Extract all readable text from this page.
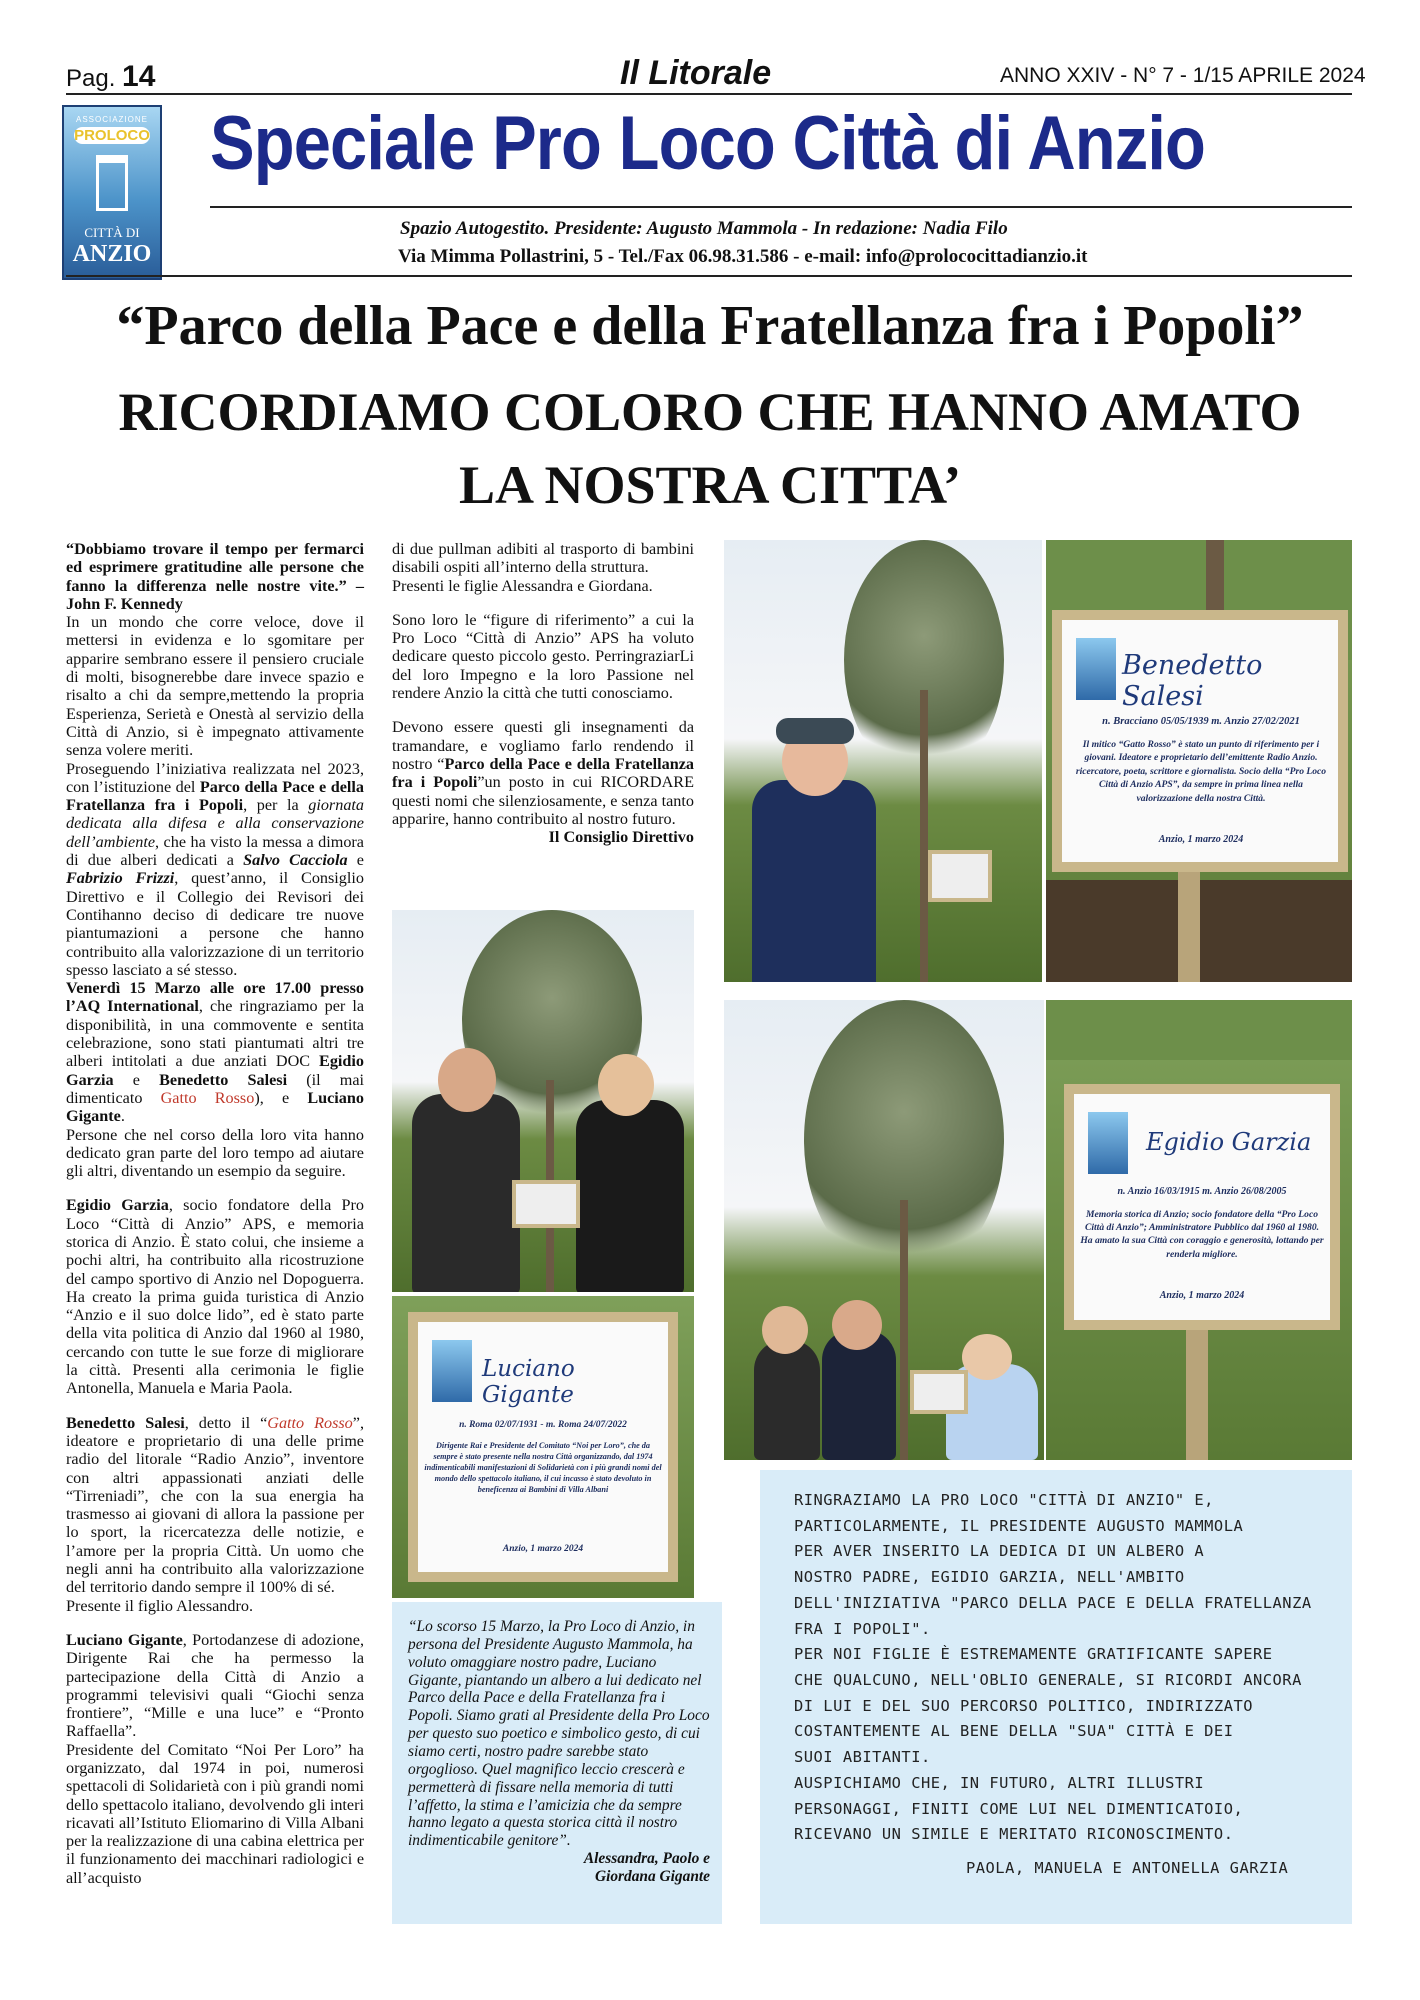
Pag. 14	Il Litorale	ANNO XXIV - N° 7 - 1/15 APRILE 2024
ASSOCIAZIONE
PROLOCO
CITTÀ DI
ANZIO
Speciale Pro Loco Città di Anzio
Spazio Autogestito. Presidente: Augusto Mammola - In redazione: Nadia Filo
Via Mimma Pollastrini, 5 - Tel./Fax 06.98.31.586 - e-mail: info@prolococittadianzio.it
“Parco della Pace e della Fratellanza fra i Popoli”
RICORDIAMO COLORO CHE HANNO AMATO
LA NOSTRA CITTA’
“Dobbiamo trovare il tempo per fermarci ed esprimere gratitudine alle persone che fanno la differenza nelle nostre vite.” – John F. Kennedy
In un mondo che corre veloce, dove il mettersi in evidenza e lo sgomitare per apparire sembrano essere il pensiero cruciale di molti, bisognerebbe dare invece spazio e risalto a chi da sempre,mettendo la propria Esperienza, Serietà e Onestà al servizio della Città di Anzio, si è impegnato attivamente senza volere meriti.

Proseguendo l’iniziativa realizzata nel 2023, con l’istituzione del Parco della Pace e della Fratellanza fra i Popoli, per la giornata dedicata alla difesa e alla conservazione dell’ambiente, che ha visto la messa a dimora di due alberi dedicati a Salvo Cacciola e Fabrizio Frizzi, quest’anno, il Consiglio Direttivo e il Collegio dei Revisori dei Contihanno deciso di dedicare tre nuove piantumazioni a persone che hanno contribuito alla valorizzazione di un territorio spesso lasciato a sé stesso.

Venerdì 15 Marzo alle ore 17.00 presso l’AQ International, che ringraziamo per la disponibilità, in una commovente e sentita celebrazione, sono stati piantumati altri tre alberi intitolati a due anziati DOC Egidio Garzia e Benedetto Salesi (il mai dimenticato Gatto Rosso), e Luciano Gigante.

Persone che nel corso della loro vita hanno dedicato gran parte del loro tempo ad aiutare gli altri, diventando un esempio da seguire.

Egidio Garzia, socio fondatore della Pro Loco “Città di Anzio” APS, e memoria storica di Anzio. È stato colui, che insieme a pochi altri, ha contribuito alla ricostruzione del campo sportivo di Anzio nel Dopoguerra. Ha creato la prima guida turistica di Anzio “Anzio e il suo dolce lido”, ed è stato parte della vita politica di Anzio dal 1960 al 1980, cercando con tutte le sue forze di migliorare la città. Presenti alla cerimonia le figlie Antonella, Manuela e Maria Paola.

Benedetto Salesi, detto il “Gatto Rosso”, ideatore e proprietario di una delle prime radio del litorale “Radio Anzio”, inventore con altri appassionati anziati delle “Tirreniadi”, che con la sua energia ha trasmesso ai giovani di allora la passione per lo sport, la ricercatezza delle notizie, e l’amore per la propria Città. Un uomo che negli anni ha contribuito alla valorizzazione del territorio dando sempre il 100% di sé.
Presente il figlio Alessandro.

Luciano Gigante, Portodanzese di adozione, Dirigente Rai che ha permesso la partecipazione della Città di Anzio a programmi televisivi quali “Giochi senza frontiere”, “Mille e una luce” e “Pronto Raffaella”.
Presidente del Comitato “Noi Per Loro” ha organizzato, dal 1974 in poi, numerosi spettacoli di Solidarietà con i più grandi nomi dello spettacolo italiano, devolvendo gli interi ricavati all’Istituto Eliomarino di Villa Albani per la realizzazione di una cabina elettrica per il funzionamento dei macchinari radiologici e all’acquisto

di due pullman adibiti al trasporto di bambini disabili ospiti all’interno della struttura.
Presenti le figlie Alessandra e Giordana.

Sono loro le “figure di riferimento” a cui la Pro Loco “Città di Anzio” APS ha voluto dedicare questo piccolo gesto. PerringraziarLi del loro Impegno e la loro Passione nel rendere Anzio la città che tutti conosciamo.

Devono essere questi gli insegnamenti da tramandare, e vogliamo farlo rendendo il nostro “Parco della Pace e della Fratellanza fra i Popoli”un posto in cui RICORDARE questi nomi che silenziosamente, e senza tanto apparire, hanno contribuito al nostro futuro.
Il Consiglio Direttivo
Benedetto Salesi
n. Bracciano 05/05/1939 m. Anzio 27/02/2021
Il mitico “Gatto Rosso” è stato un punto di riferimento per i giovani. Ideatore e proprietario dell’emittente Radio Anzio. ricercatore, poeta, scrittore e giornalista. Socio della “Pro Loco Città di Anzio APS”, da sempre in prima linea nella valorizzazione della nostra Città.
Anzio, 1 marzo 2024
Luciano Gigante
n. Roma 02/07/1931 - m. Roma 24/07/2022
Dirigente Rai e Presidente del Comitato “Noi per Loro”, che da sempre è stato presente nella nostra Città organizzando, dal 1974 indimenticabili manifestazioni di Solidarietà con i più grandi nomi del mondo dello spettacolo italiano, il cui incasso è stato devoluto in beneficenza ai Bambini di Villa Albani
Anzio, 1 marzo 2024
Egidio Garzia
n. Anzio 16/03/1915 m. Anzio 26/08/2005
Memoria storica di Anzio; socio fondatore della “Pro Loco Città di Anzio”; Amministratore Pubblico dal 1960 al 1980. Ha amato la sua Città con coraggio e generosità, lottando per renderla migliore.
Anzio, 1 marzo 2024
“Lo scorso 15 Marzo, la Pro Loco di Anzio, in persona del Presidente Augusto Mammola, ha voluto omaggiare nostro padre, Luciano Gigante, piantando un albero a lui dedicato nel Parco della Pace e della Fratellanza fra i Popoli. Siamo grati al Presidente della Pro Loco per questo suo poetico e simbolico gesto, di cui siamo certi, nostro padre sarebbe stato orgoglioso. Quel magnifico leccio crescerà e permetterà di fissare nella memoria di tutti l’affetto, la stima e l’amicizia che da sempre hanno legato a questa storica città il nostro indimenticabile genitore”.
Alessandra, Paolo e
Giordana Gigante

RINGRAZIAMO LA PRO LOCO "CITTÀ DI ANZIO" E,

PARTICOLARMENTE, IL PRESIDENTE AUGUSTO MAMMOLA

PER AVER INSERITO LA DEDICA DI UN ALBERO A

NOSTRO PADRE, EGIDIO GARZIA, NELL'AMBITO

DELL'INIZIATIVA "PARCO DELLA PACE E DELLA FRATELLANZA

FRA I POPOLI".

PER NOI FIGLIE È ESTREMAMENTE GRATIFICANTE SAPERE

CHE QUALCUNO, NELL'OBLIO GENERALE, SI RICORDI ANCORA

DI LUI E DEL SUO PERCORSO POLITICO, INDIRIZZATO

COSTANTEMENTE AL BENE DELLA "SUA" CITTÀ E DEI

SUOI ABITANTI.

AUSPICHIAMO CHE, IN FUTURO, ALTRI ILLUSTRI

PERSONAGGI, FINITI COME LUI NEL DIMENTICATOIO,

RICEVANO UN SIMILE E MERITATO RICONOSCIMENTO.

PAOLA, MANUELA E ANTONELLA GARZIA
